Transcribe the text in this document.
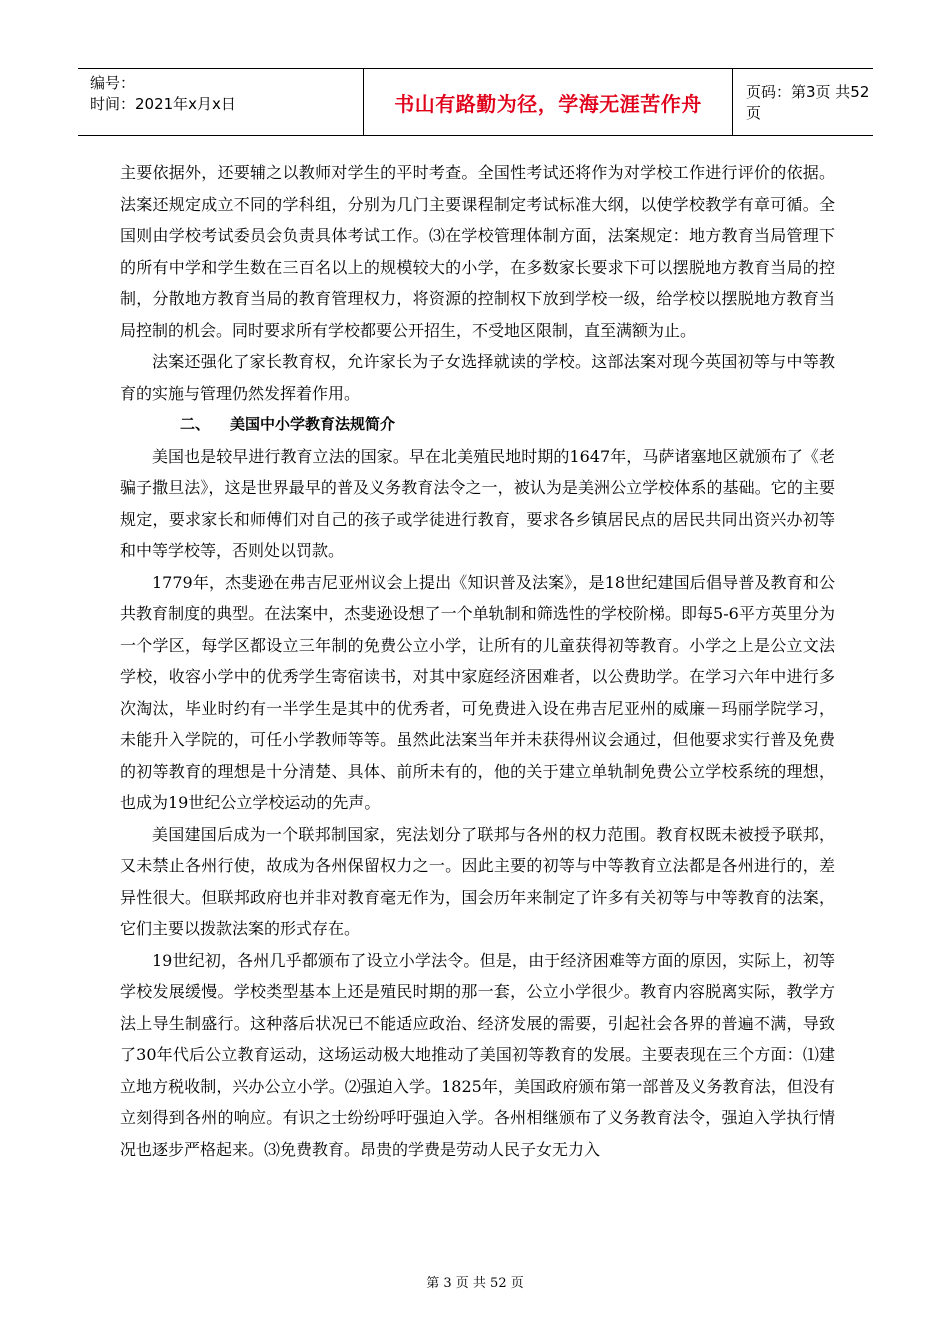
编号：
时间：2021年x月x日	书山有路勤为径，学海无涯苦作舟	页码：第3页 共52页

主要依据外，还要辅之以教师对学生的平时考查。全国性考试还将作为对学校工作进行评价的依据。法案还规定成立不同的学科组，分别为几门主要课程制定考试标准大纲，以使学校教学有章可循。全国则由学校考试委员会负责具体考试工作。⑶在学校管理体制方面，法案规定：地方教育当局管理下的所有中学和学生数在三百名以上的规模较大的小学，在多数家长要求下可以摆脱地方教育当局的控制，分散地方教育当局的教育管理权力，将资源的控制权下放到学校一级，给学校以摆脱地方教育当局控制的机会。同时要求所有学校都要公开招生，不受地区限制，直至满额为止。

法案还强化了家长教育权，允许家长为子女选择就读的学校。这部法案对现今英国初等与中等教育的实施与管理仍然发挥着作用。

二、 美国中小学教育法规简介

美国也是较早进行教育立法的国家。早在北美殖民地时期的1647年，马萨诸塞地区就颁布了《老骗子撒旦法》，这是世界最早的普及义务教育法令之一，被认为是美洲公立学校体系的基础。它的主要规定，要求家长和师傅们对自己的孩子或学徒进行教育，要求各乡镇居民点的居民共同出资兴办初等和中等学校等，否则处以罚款。

1779年，杰斐逊在弗吉尼亚州议会上提出《知识普及法案》，是18世纪建国后倡导普及教育和公共教育制度的典型。在法案中，杰斐逊设想了一个单轨制和筛选性的学校阶梯。即每5-6平方英里分为一个学区，每学区都设立三年制的免费公立小学，让所有的儿童获得初等教育。小学之上是公立文法学校，收容小学中的优秀学生寄宿读书，对其中家庭经济困难者，以公费助学。在学习六年中进行多次淘汰，毕业时约有一半学生是其中的优秀者，可免费进入设在弗吉尼亚州的威廉－玛丽学院学习，未能升入学院的，可任小学教师等等。虽然此法案当年并未获得州议会通过，但他要求实行普及免费的初等教育的理想是十分清楚、具体、前所未有的，他的关于建立单轨制免费公立学校系统的理想，也成为19世纪公立学校运动的先声。

美国建国后成为一个联邦制国家，宪法划分了联邦与各州的权力范围。教育权既未被授予联邦，又未禁止各州行使，故成为各州保留权力之一。因此主要的初等与中等教育立法都是各州进行的，差异性很大。但联邦政府也并非对教育毫无作为，国会历年来制定了许多有关初等与中等教育的法案，它们主要以拨款法案的形式存在。

19世纪初，各州几乎都颁布了设立小学法令。但是，由于经济困难等方面的原因，实际上，初等学校发展缓慢。学校类型基本上还是殖民时期的那一套，公立小学很少。教育内容脱离实际，教学方法上导生制盛行。这种落后状况已不能适应政治、经济发展的需要，引起社会各界的普遍不满，导致了30年代后公立教育运动，这场运动极大地推动了美国初等教育的发展。主要表现在三个方面：⑴建立地方税收制，兴办公立小学。⑵强迫入学。1825年，美国政府颁布第一部普及义务教育法，但没有立刻得到各州的响应。有识之士纷纷呼吁强迫入学。各州相继颁布了义务教育法令，强迫入学执行情况也逐步严格起来。⑶免费教育。昂贵的学费是劳动人民子女无力入

第 3 页 共 52 页
